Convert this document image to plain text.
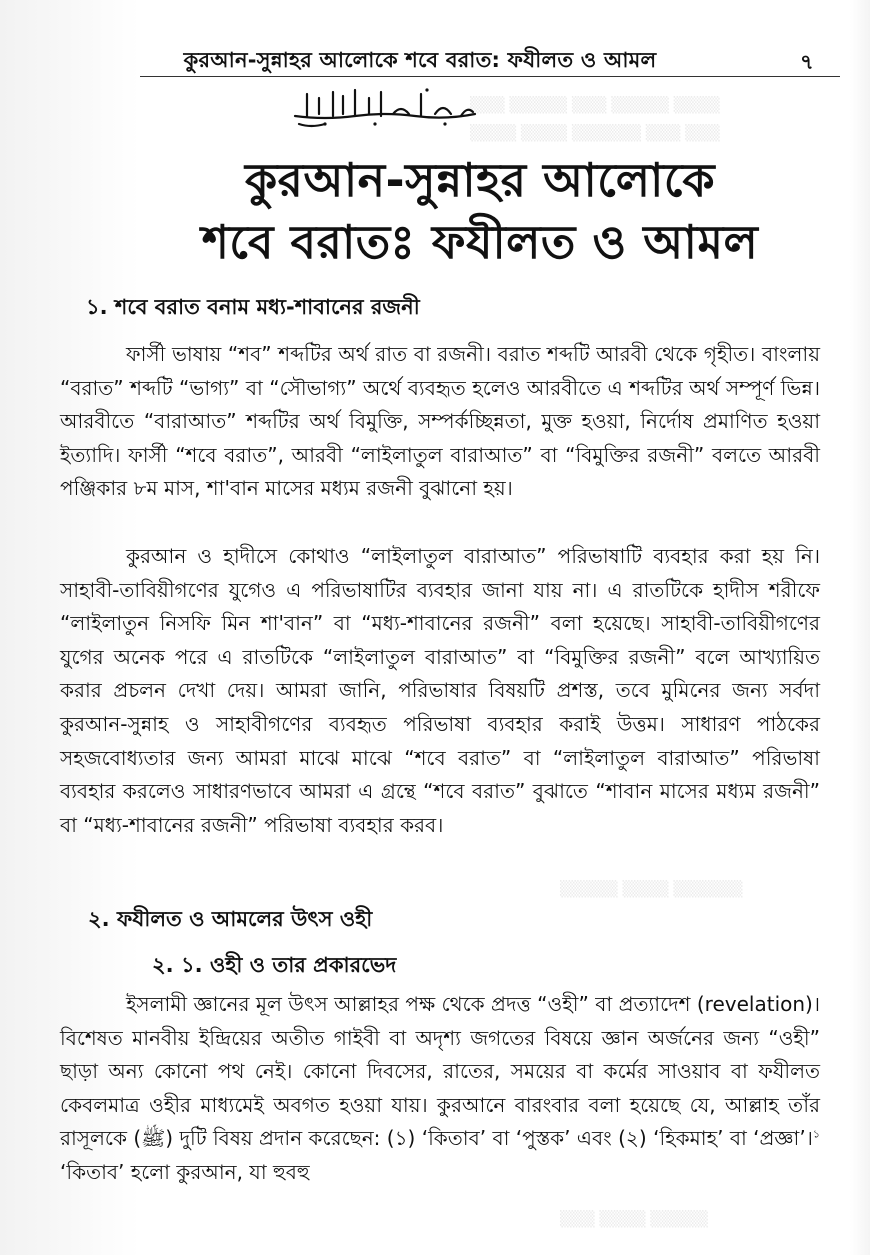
▒▒▒ ▒▒▒▒▒ ▒▒▒ ▒▒▒▒▒ ▒▒▒▒
▒▒▒▒ ▒▒▒▒ ▒▒▒▒▒▒ ▒▒▒ ▒▒▒
▒▒▒▒▒ ▒▒▒▒ ▒▒▒▒▒▒
▒▒▒ ▒▒▒▒ ▒▒▒▒▒
কুরআন-সুন্নাহর আলোকে শবে বরাত: ফযীলত ও আমল	৭
কুরআন-সুন্নাহর আলোকে
শবে বরাতঃ ফযীলত ও আমল
১. শবে বরাত বনাম মধ্য-শাবানের রজনী
ফার্সী ভাষায় “শব” শব্দটির অর্থ রাত বা রজনী। বরাত শব্দটি আরবী থেকে গৃহীত। বাংলায় “বরাত” শব্দটি “ভাগ্য” বা “সৌভাগ্য” অর্থে ব্যবহৃত হলেও আরবীতে এ শব্দটির অর্থ সম্পূর্ণ ভিন্ন। আরবীতে “বারাআত” শব্দটির অর্থ বিমুক্তি, সম্পর্কচ্ছিন্নতা, মুক্ত হওয়া, নির্দোষ প্রমাণিত হওয়া ইত্যাদি। ফার্সী “শবে বরাত”, আরবী “লাইলাতুল বারাআত” বা “বিমুক্তির রজনী” বলতে আরবী পঞ্জিকার ৮ম মাস, শা'বান মাসের মধ্যম রজনী বুঝানো হয়।
কুরআন ও হাদীসে কোথাও “লাইলাতুল বারাআত” পরিভাষাটি ব্যবহার করা হয় নি। সাহাবী-তাবিয়ীগণের যুগেও এ পরিভাষাটির ব্যবহার জানা যায় না। এ রাতটিকে হাদীস শরীফে “লাইলাতুন নিসফি মিন শা'বান” বা “মধ্য-শাবানের রজনী” বলা হয়েছে। সাহাবী-তাবিয়ীগণের যুগের অনেক পরে এ রাতটিকে “লাইলাতুল বারাআত” বা “বিমুক্তির রজনী” বলে আখ্যায়িত করার প্রচলন দেখা দেয়। আমরা জানি, পরিভাষার বিষয়টি প্রশস্ত, তবে মুমিনের জন্য সর্বদা কুরআন-সুন্নাহ ও সাহাবীগণের ব্যবহৃত পরিভাষা ব্যবহার করাই উত্তম। সাধারণ পাঠকের সহজবোধ্যতার জন্য আমরা মাঝে মাঝে “শবে বরাত” বা “লাইলাতুল বারাআত” পরিভাষা ব্যবহার করলেও সাধারণভাবে আমরা এ গ্রন্থে “শবে বরাত” বুঝাতে “শাবান মাসের মধ্যম রজনী” বা “মধ্য-শাবানের রজনী” পরিভাষা ব্যবহার করব।
২. ফযীলত ও আমলের উৎস ওহী
২. ১. ওহী ও তার প্রকারভেদ
ইসলামী জ্ঞানের মূল উৎস আল্লাহর পক্ষ থেকে প্রদত্ত “ওহী” বা প্রত্যাদেশ (revelation)। বিশেষত মানবীয় ইন্দ্রিয়ের অতীত গাইবী বা অদৃশ্য জগতের বিষয়ে জ্ঞান অর্জনের জন্য “ওহী” ছাড়া অন্য কোনো পথ নেই। কোনো দিবসের, রাতের, সময়ের বা কর্মের সাওয়াব বা ফযীলত কেবলমাত্র ওহীর মাধ্যমেই অবগত হওয়া যায়। কুরআনে বারংবার বলা হয়েছে যে, আল্লাহ তাঁর রাসূলকে (ﷺ) দুটি বিষয় প্রদান করেছেন: (১) ‘কিতাব’ বা ‘পুস্তক’ এবং (২) ‘হিকমাহ’ বা ‘প্রজ্ঞা’।$^১$ ‘কিতাব’ হলো কুরআন, যা হুবহু
